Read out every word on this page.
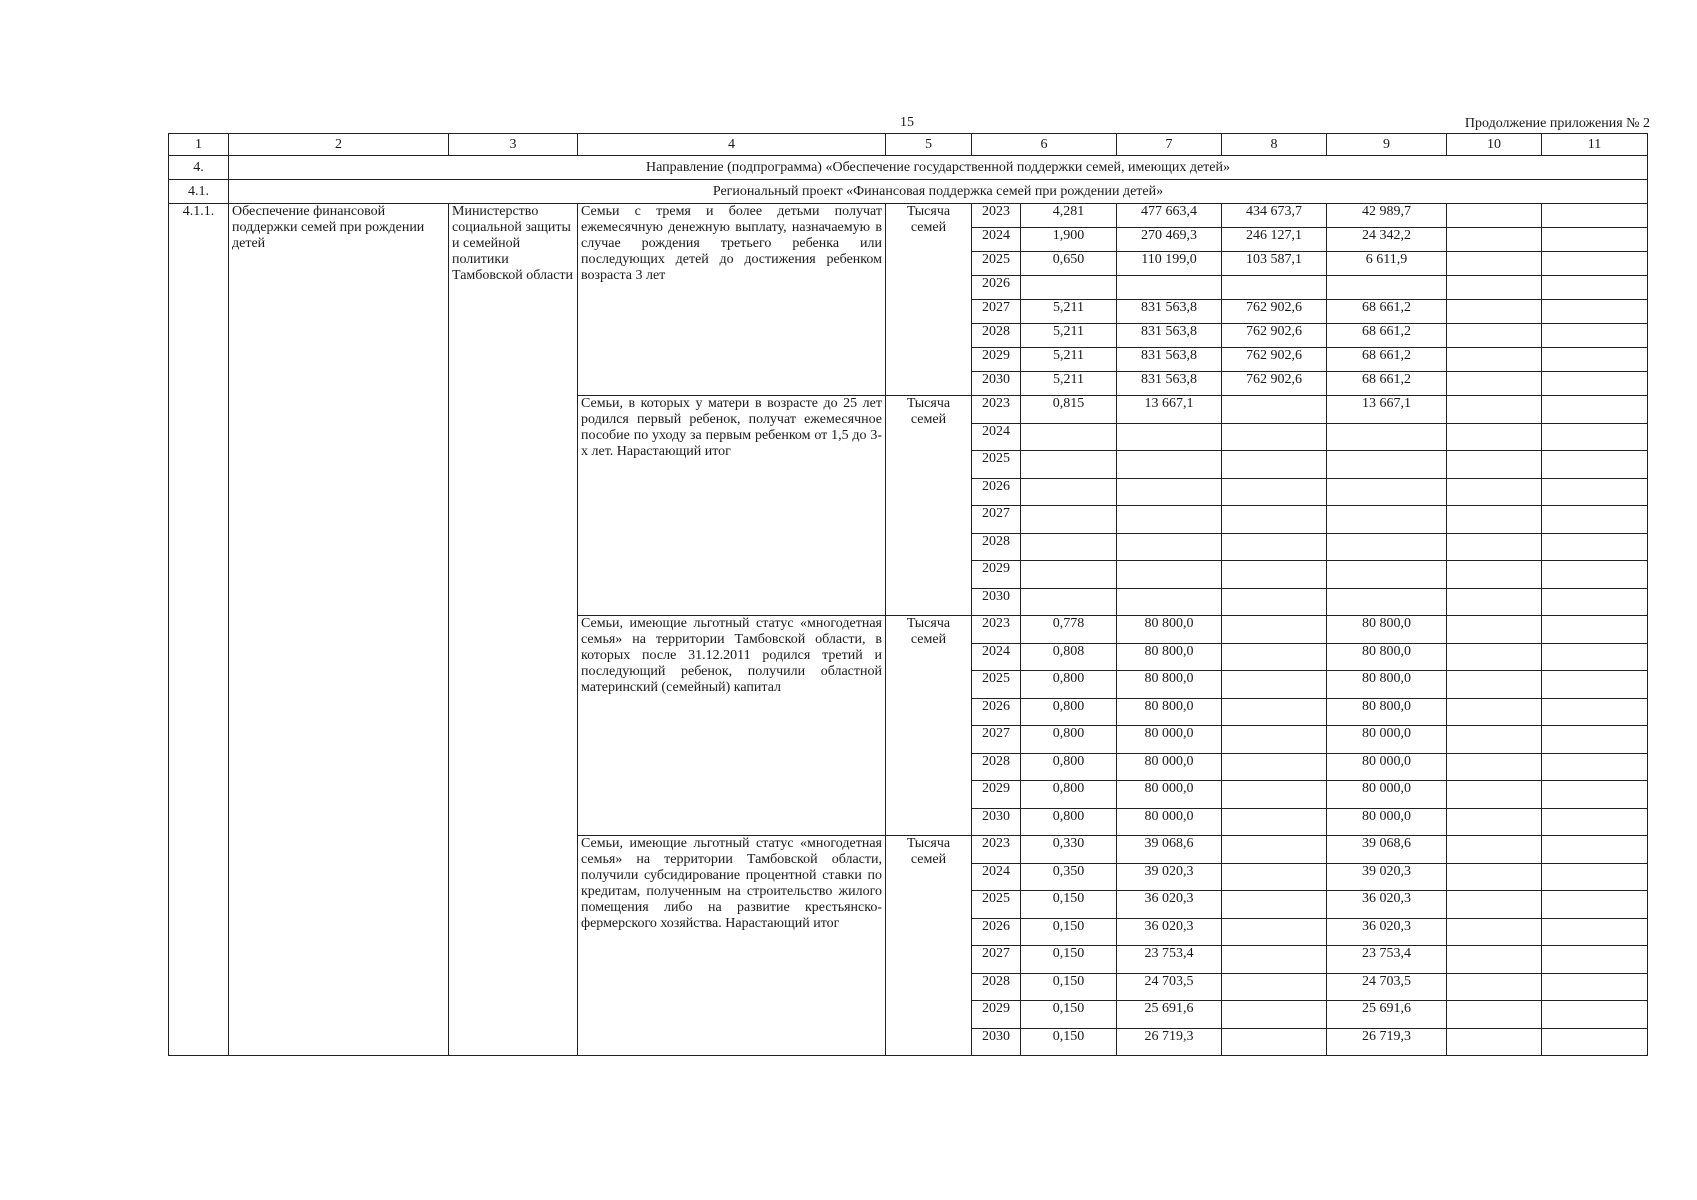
15	Продолжение приложения № 2
1	2	3	4	5	6		7	8	9	10	11
4.	Направление (подпрограмма) «Обеспечение государственной поддержки семей, имеющих детей»										
4.1.	Региональный проект «Финансовая поддержка семей при рождении детей»										
4.1.1.	Обеспечение финансовой поддержки семей при рождении детей	Министерство социальной защиты и семейной политики Тамбовской области	Семьи с тремя и более детьми получат ежемесячную денежную выплату, назначаемую в случае рождения третьего ребенка или последующих детей до достижения ребенком возраста 3 лет	Тысяча семей	2023	4,281	477 663,4	434 673,7	42 989,7		
					2024	1,900	270 469,3	246 127,1	24 342,2		
					2025	0,650	110 199,0	103 587,1	6 611,9		
					2026						
					2027	5,211	831 563,8	762 902,6	68 661,2		
					2028	5,211	831 563,8	762 902,6	68 661,2		
					2029	5,211	831 563,8	762 902,6	68 661,2		
					2030	5,211	831 563,8	762 902,6	68 661,2		
			Семьи, в которых у матери в возрасте до 25 лет родился первый ребенок, получат ежемесячное пособие по уходу за первым ребенком от 1,5 до 3-х лет. Нарастающий итог	Тысяча семей	2023	0,815	13 667,1		13 667,1		
					2024						
					2025						
					2026						
					2027						
					2028						
					2029						
					2030						
			Семьи, имеющие льготный статус «многодетная семья» на территории Тамбовской области, в которых после 31.12.2011 родился третий и последующий ребенок, получили областной материнский (семейный) капитал	Тысяча семей	2023	0,778	80 800,0		80 800,0		
					2024	0,808	80 800,0		80 800,0		
					2025	0,800	80 800,0		80 800,0		
					2026	0,800	80 800,0		80 800,0		
					2027	0,800	80 000,0		80 000,0		
					2028	0,800	80 000,0		80 000,0		
					2029	0,800	80 000,0		80 000,0		
					2030	0,800	80 000,0		80 000,0		
			Семьи, имеющие льготный статус «многодетная семья» на территории Тамбовской области, получили субсидирование процентной ставки по кредитам, полученным на строительство жилого помещения либо на развитие крестьянско-фермерского хозяйства. Нарастающий итог	Тысяча семей	2023	0,330	39 068,6		39 068,6		
					2024	0,350	39 020,3		39 020,3		
					2025	0,150	36 020,3		36 020,3		
					2026	0,150	36 020,3		36 020,3		
					2027	0,150	23 753,4		23 753,4		
					2028	0,150	24 703,5		24 703,5		
					2029	0,150	25 691,6		25 691,6		
					2030	0,150	26 719,3		26 719,3		
